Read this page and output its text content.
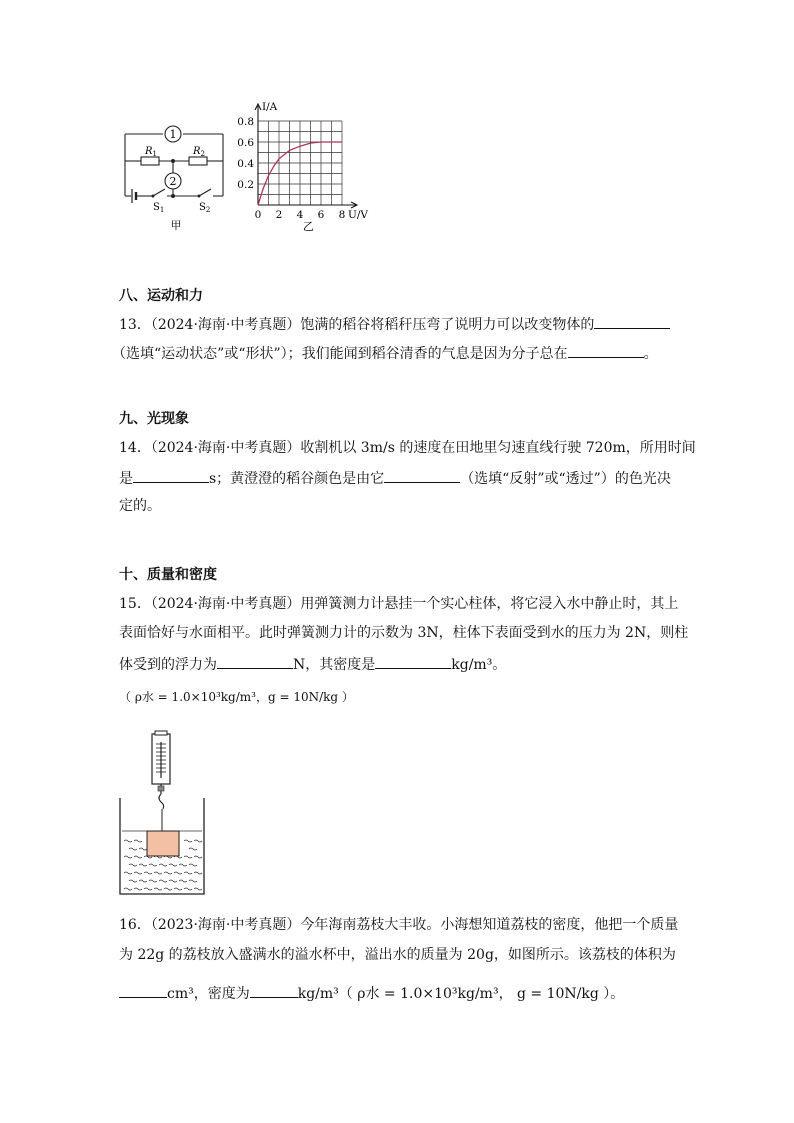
1
2
$R_1$	$R_2$
$S_1$	$S_2$
甲
0 2 4 6 8
0.2
0.4
0.6
0.8
I/A
U/V
乙
八、运动和力
13．（2024·海南·中考真题）饱满的稻谷将稻秆压弯了说明力可以改变物体的
（选填“运动状态”或“形状”）；我们能闻到稻谷清香的气息是因为分子总在	。
九、光现象
14．（2024·海南·中考真题）收割机以 3m/s 的速度在田地里匀速直线行驶 720m，所用时间
是	s；黄澄澄的稻谷颜色是由它	（选填“反射”或“透过”）的色光决
定的。
十、质量和密度
15．（2024·海南·中考真题）用弹簧测力计悬挂一个实心柱体，将它浸入水中静止时，其上
表面恰好与水面相平。此时弹簧测力计的示数为 3N，柱体下表面受到水的压力为 2N，则柱
体受到的浮力为	N，其密度是	kg/m³。
（ ρ水 = 1.0×10³kg/m³，g = 10N/kg ）
16．（2023·海南·中考真题）今年海南荔枝大丰收。小海想知道荔枝的密度，他把一个质量
为 22g 的荔枝放入盛满水的溢水杯中，溢出水的质量为 20g，如图所示。该荔枝的体积为
cm³，密度为	kg/m³（ ρ水 = 1.0×10³kg/m³， g = 10N/kg ）。
